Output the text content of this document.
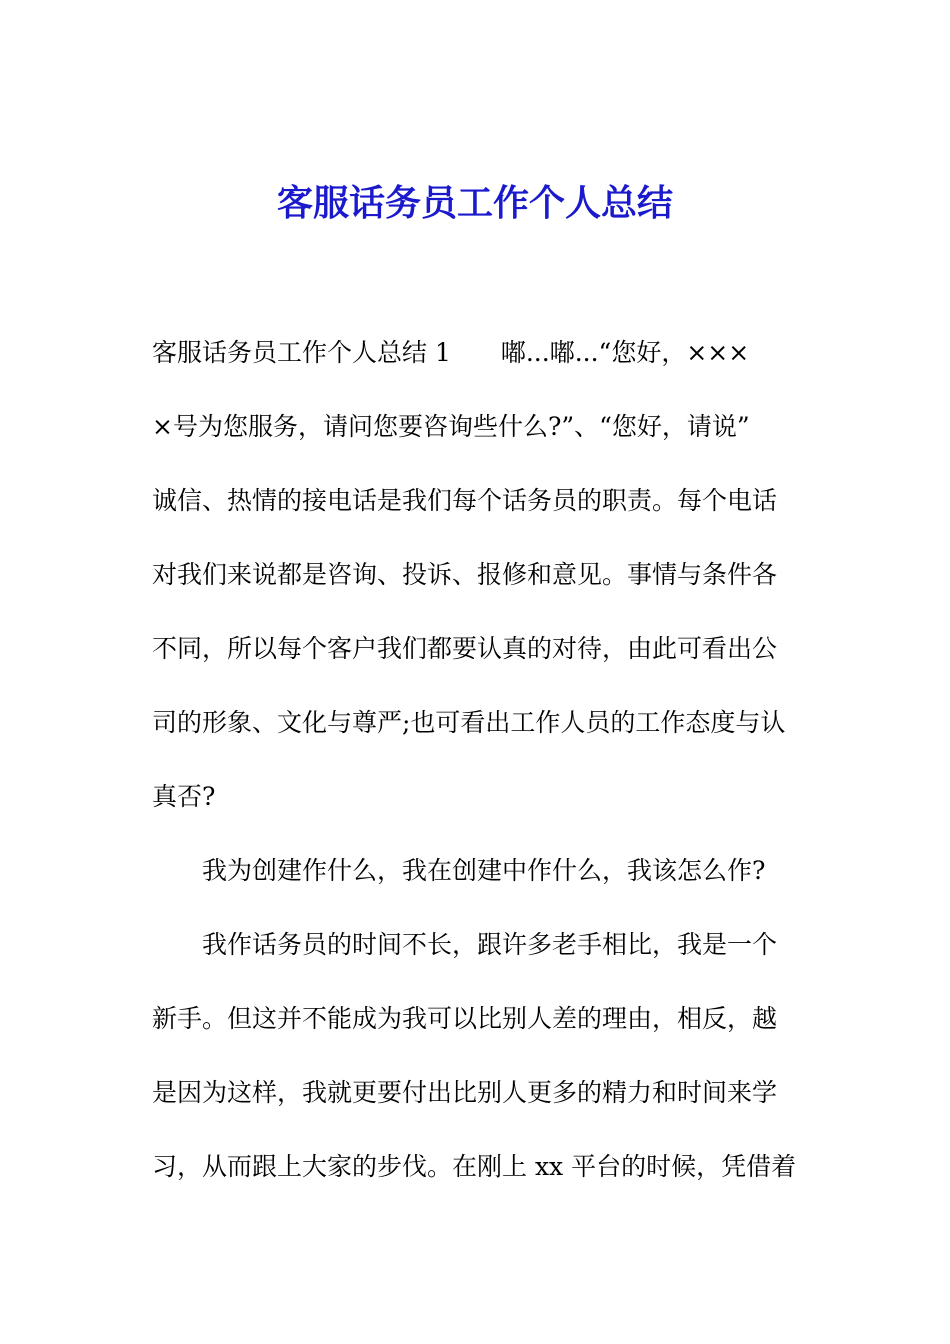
客服话务员工作个人总结
客服话务员工作个人总结 1　　嘟...嘟...“您好，×××
×号为您服务，请问您要咨询些什么?”、“您好，请说”
诚信、热情的接电话是我们每个话务员的职责。每个电话
对我们来说都是咨询、投诉、报修和意见。事情与条件各
不同，所以每个客户我们都要认真的对待，由此可看出公
司的形象、文化与尊严;也可看出工作人员的工作态度与认
真否?
我为创建作什么，我在创建中作什么，我该怎么作?
我作话务员的时间不长，跟许多老手相比，我是一个
新手。但这并不能成为我可以比别人差的理由，相反，越
是因为这样，我就更要付出比别人更多的精力和时间来学
习，从而跟上大家的步伐。在刚上 xx 平台的时候，凭借着
